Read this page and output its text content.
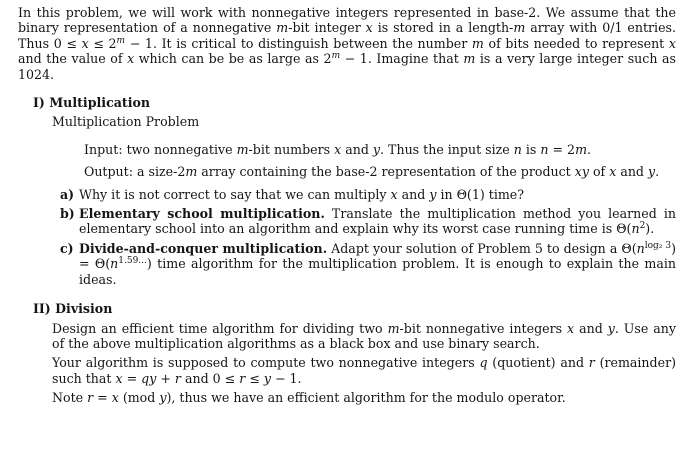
In this problem, we will work with nonnegative integers represented in base-2. We assume that the binary representation of a nonnegative m-bit integer x is stored in a length-m array with 0/1 entries. Thus $0 \le x \le 2^m - 1$. It is critical to distinguish between the number m of bits needed to represent x and the value of x which can be be as large as $2^m - 1$. Imagine that m is a very large integer such as 1024.

I) Multiplication

Multiplication Problem

Input: two nonnegative m-bit numbers x and y. Thus the input size n is n = 2m.

Output: a size-2m array containing the base-2 representation of the product xy of x and y.

a) Why it is not correct to say that we can multiply x and y in Θ(1) time?
b) Elementary school multiplication. Translate the multiplication method you learned in elementary school into an algorithm and explain why its worst case running time is $\Theta(n^2)$.
c) Divide-and-conquer multiplication. Adapt your solution of Problem 5 to design a $\Theta(n^{log_2 3}) = \Theta(n^{1.59...})$ time algorithm for the multiplication problem. It is enough to explain the main ideas.

II) Division

Design an efficient time algorithm for dividing two m-bit nonnegative integers x and y. Use any of the above multiplication algorithms as a black box and use binary search.

Your algorithm is supposed to compute two nonnegative integers q (quotient) and r (remainder) such that x = qy + r and 0 ≤ r ≤ y − 1.

Note r = x (mod y), thus we have an efficient algorithm for the modulo operator.
